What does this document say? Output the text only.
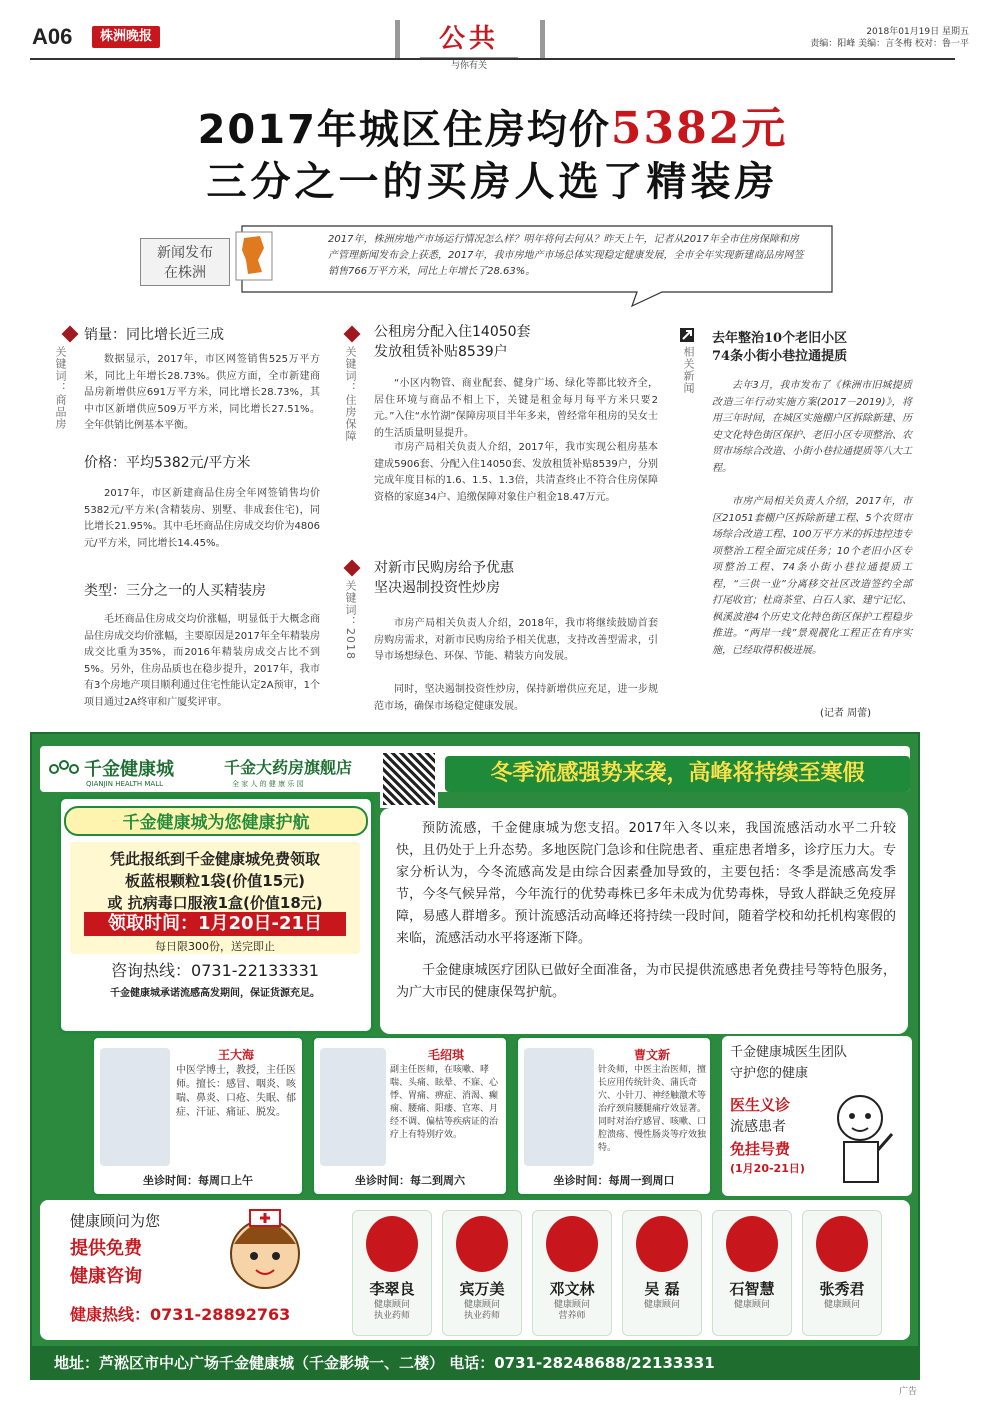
A06	株洲晚报	公共
与你有关
2018年01月19日 星期五
责编：阳峰 美编：言冬梅 校对：鲁一平
2017年城区住房均价5382元
三分之一的买房人选了精装房
新闻发布
在株洲
2017年，株洲房地产市场运行情况怎么样？明年将何去何从？昨天上午，记者从2017年全市住房保障和房产管理新闻发布会上获悉，2017年，我市房地产市场总体实现稳定健康发展，全市全年实现新建商品房网签销售766万平方米，同比上年增长了28.63%。
关键词：商品房
销量：同比增长近三成
数据显示，2017年，市区网签销售525万平方米，同比上年增长28.73%。供应方面，全市新建商品房新增供应691万平方米，同比增长28.73%，其中市区新增供应509万平方米，同比增长27.51%。全年供销比例基本平衡。
价格：平均5382元/平方米
2017年，市区新建商品住房全年网签销售均价5382元/平方米(含精装房、别墅、非成套住宅)，同比增长21.95%。其中毛坯商品住房成交均价为4806元/平方米，同比增长14.45%。
类型：三分之一的人买精装房
毛坯商品住房成交均价涨幅，明显低于大概念商品住房成交均价涨幅，主要原因是2017年全年精装房成交比重为35%，而2016年精装房成交占比不到5%。另外，住房品质也在稳步提升，2017年，我市有3个房地产项目顺利通过住宅性能认定2A预审，1个项目通过2A终审和广厦奖评审。
关键词：住房保障
公租房分配入住14050套
发放租赁补贴8539户
“小区内物管、商业配套、健身广场、绿化等都比较齐全，居住环境与商品不相上下，关键是租金每月每平方米只要2元。”入住“水竹湖”保障房项目半年多来，曾经常年租房的吴女士的生活质量明显提升。
市房产局相关负责人介绍，2017年，我市实现公租房基本建成5906套、分配入住14050套、发放租赁补贴8539户，分别完成年度目标的1.6、1.5、1.3倍，共清查终止不符合住房保障资格的家庭34户、追缴保障对象住户租金18.47万元。
关键词：2018
对新市民购房给予优惠
坚决遏制投资性炒房
市房产局相关负责人介绍，2018年，我市将继续鼓励首套房购房需求，对新市民购房给予相关优惠，支持改善型需求，引导市场想绿色、环保、节能、精装方向发展。
同时，坚决遏制投资性炒房，保持新增供应充足，进一步规范市场，确保市场稳定健康发展。
相关新闻
去年整治10个老旧小区
74条小街小巷拉通提质
去年3月，我市发布了《株洲市旧城提质改造三年行动实施方案(2017－2019)》，将用三年时间，在城区实施棚户区拆除新建、历史文化特色街区保护、老旧小区专项整治、农贸市场综合改造、小街小巷拉通提质等八大工程。
市房产局相关负责人介绍，2017年，市区21051套棚户区拆除新建工程、5个农贸市场综合改造工程、100万平方米的拆违控违专项整治工程全面完成任务；10个老旧小区专项整治工程、74条小街小巷拉通提质工程，“三供一业”分离移交社区改造签约全部打尾收官；杜商茶堂、白石人家、建宁记忆、枫溪波港4个历史文化特色街区保护工程稳步推进。“两岸一线”景观靓化工程正在有序实施，已经取得积极进展。
(记者 周蕾)
千金健康城
QIANJIN HEALTH MALL
千金大药房旗舰店
全 家 人 的 健 康 乐 园	冬季流感强势来袭，高峰将持续至寒假
千金健康城为您健康护航
凭此报纸到千金健康城免费领取
板蓝根颗粒1袋(价值15元)
或 抗病毒口服液1盒(价值18元)
领取时间：1月20日-21日
每日限300份，送完即止
咨询热线：0731-22133331
千金健康城承诺流感高发期间，保证货源充足。
预防流感，千金健康城为您支招。2017年入冬以来，我国流感活动水平二升较快，且仍处于上升态势。多地医院门急诊和住院患者、重症患者增多，诊疗压力大。专家分析认为，今冬流感高发是由综合因素叠加导致的，主要包括：冬季是流感高发季节，今冬气候异常，今年流行的优势毒株已多年未成为优势毒株，导致人群缺乏免疫屏障，易感人群增多。预计流感活动高峰还将持续一段时间，随着学校和幼托机构寒假的来临，流感活动水平将逐渐下降。
千金健康城医疗团队已做好全面准备，为市民提供流感患者免费挂号等特色服务，为广大市民的健康保驾护航。
王大海
中医学博士，教授，主任医师。擅长：感冒、咽炎、咳喘、鼻炎、口疮、失眠、郁症、汗证、痛证、脱发。
坐诊时间：每周口上午
毛绍琪
副主任医师，在咳嗽、哮喘、头痛、眩晕、不寐、心悸、胃痛、痹症、消渴、癫痫、腰痛、阳痿、官寒、月经不调、偏枯等疾病证的治疗上有特别疗效。
坐诊时间：每二到周六
曹文新
针灸师，中医主治医师，擅长应用传统针灸、蒲氏奇穴、小针刀、神经触激术等治疗颈肩腰腿痛疗效显著。同时对治疗感冒、咳嗽、口腔溃疡、慢性肠炎等疗效独特。
坐诊时间：每周一到周口
千金健康城医生团队
守护您的健康
医生义诊
流感患者
免挂号费
(1月20-21日)
健康顾问为您
提供免费
健康咨询
健康热线：0731-28892763
李翠良
健康顾问
执业药师
宾万美
健康顾问
执业药师
邓文林
健康顾问
营养师
吴 磊
健康顾问
石智慧
健康顾问
张秀君
健康顾问
地址：芦淞区市中心广场千金健康城（千金影城一、二楼） 电话：0731-28248688/22133331
广告
